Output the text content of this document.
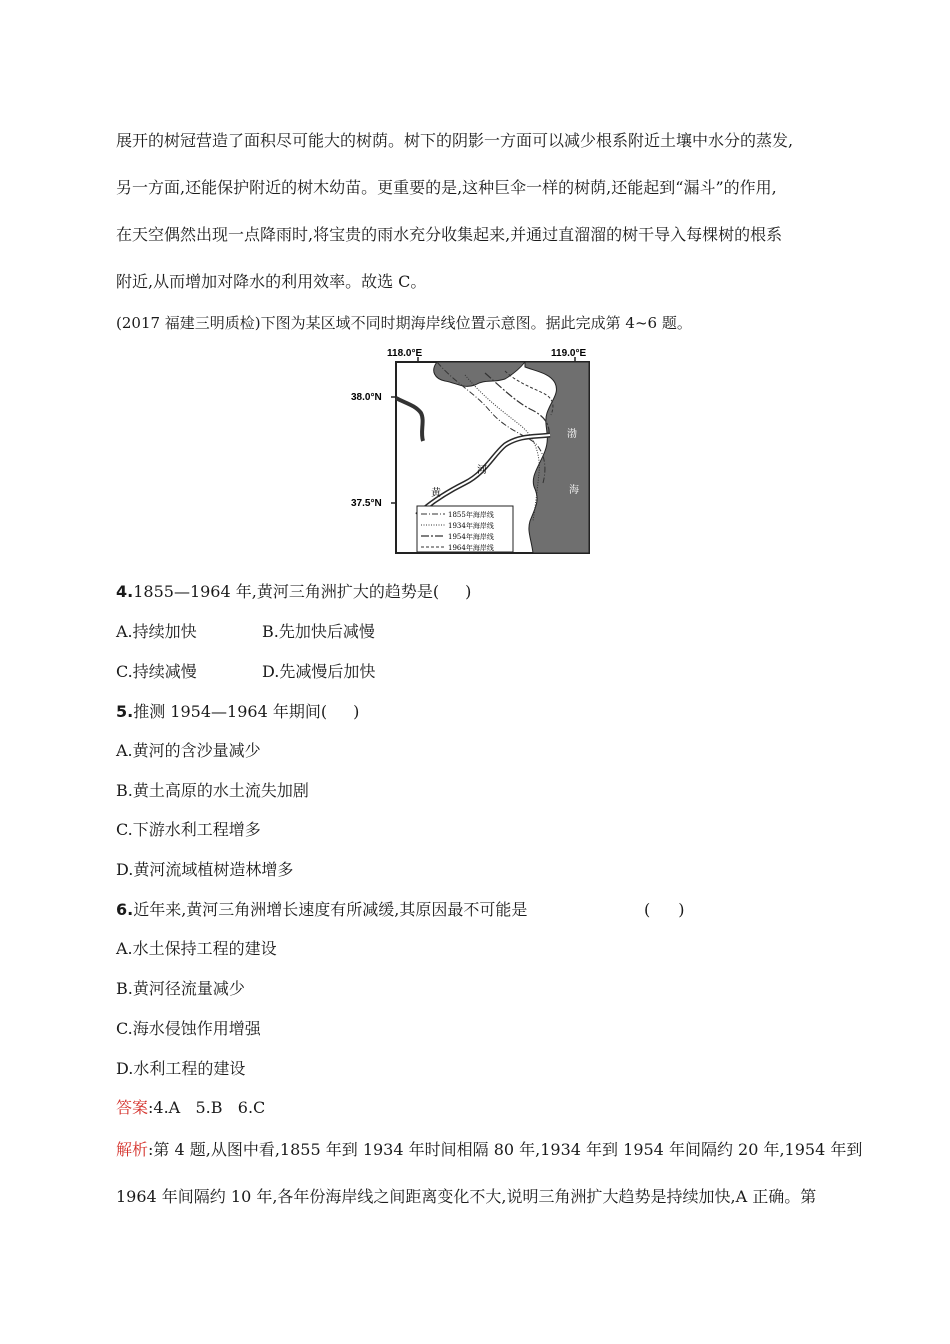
展开的树冠营造了面积尽可能大的树荫。树下的阴影一方面可以减少根系附近土壤中水分的蒸发,
另一方面,还能保护附近的树木幼苗。更重要的是,这种巨伞一样的树荫,还能起到“漏斗”的作用,
在天空偶然出现一点降雨时,将宝贵的雨水充分收集起来,并通过直溜溜的树干导入每棵树的根系
附近,从而增加对降水的利用效率。故选 C。
(2017 福建三明质检)下图为某区域不同时期海岸线位置示意图。据此完成第 4~6 题。
118.0°E	119.0°E
38.0°N
37.5°N
黄
河
渤
海
1855年海岸线
1934年海岸线
1954年海岸线
1964年海岸线
4.1855—1964 年,黄河三角洲扩大的趋势是( )
A.持续加快	B.先加快后减慢
C.持续减慢	D.先减慢后加快
5.推测 1954—1964 年期间( )
A.黄河的含沙量减少
B.黄土高原的水土流失加剧
C.下游水利工程增多
D.黄河流域植树造林增多
6.近年来,黄河三角洲增长速度有所减缓,其原因最不可能是	( )
A.水土保持工程的建设
B.黄河径流量减少
C.海水侵蚀作用增强
D.水利工程的建设
答案:4.A   5.B   6.C
解析:第 4 题,从图中看,1855 年到 1934 年时间相隔 80 年,1934 年到 1954 年间隔约 20 年,1954 年到
1964 年间隔约 10 年,各年份海岸线之间距离变化不大,说明三角洲扩大趋势是持续加快,A 正确。第
